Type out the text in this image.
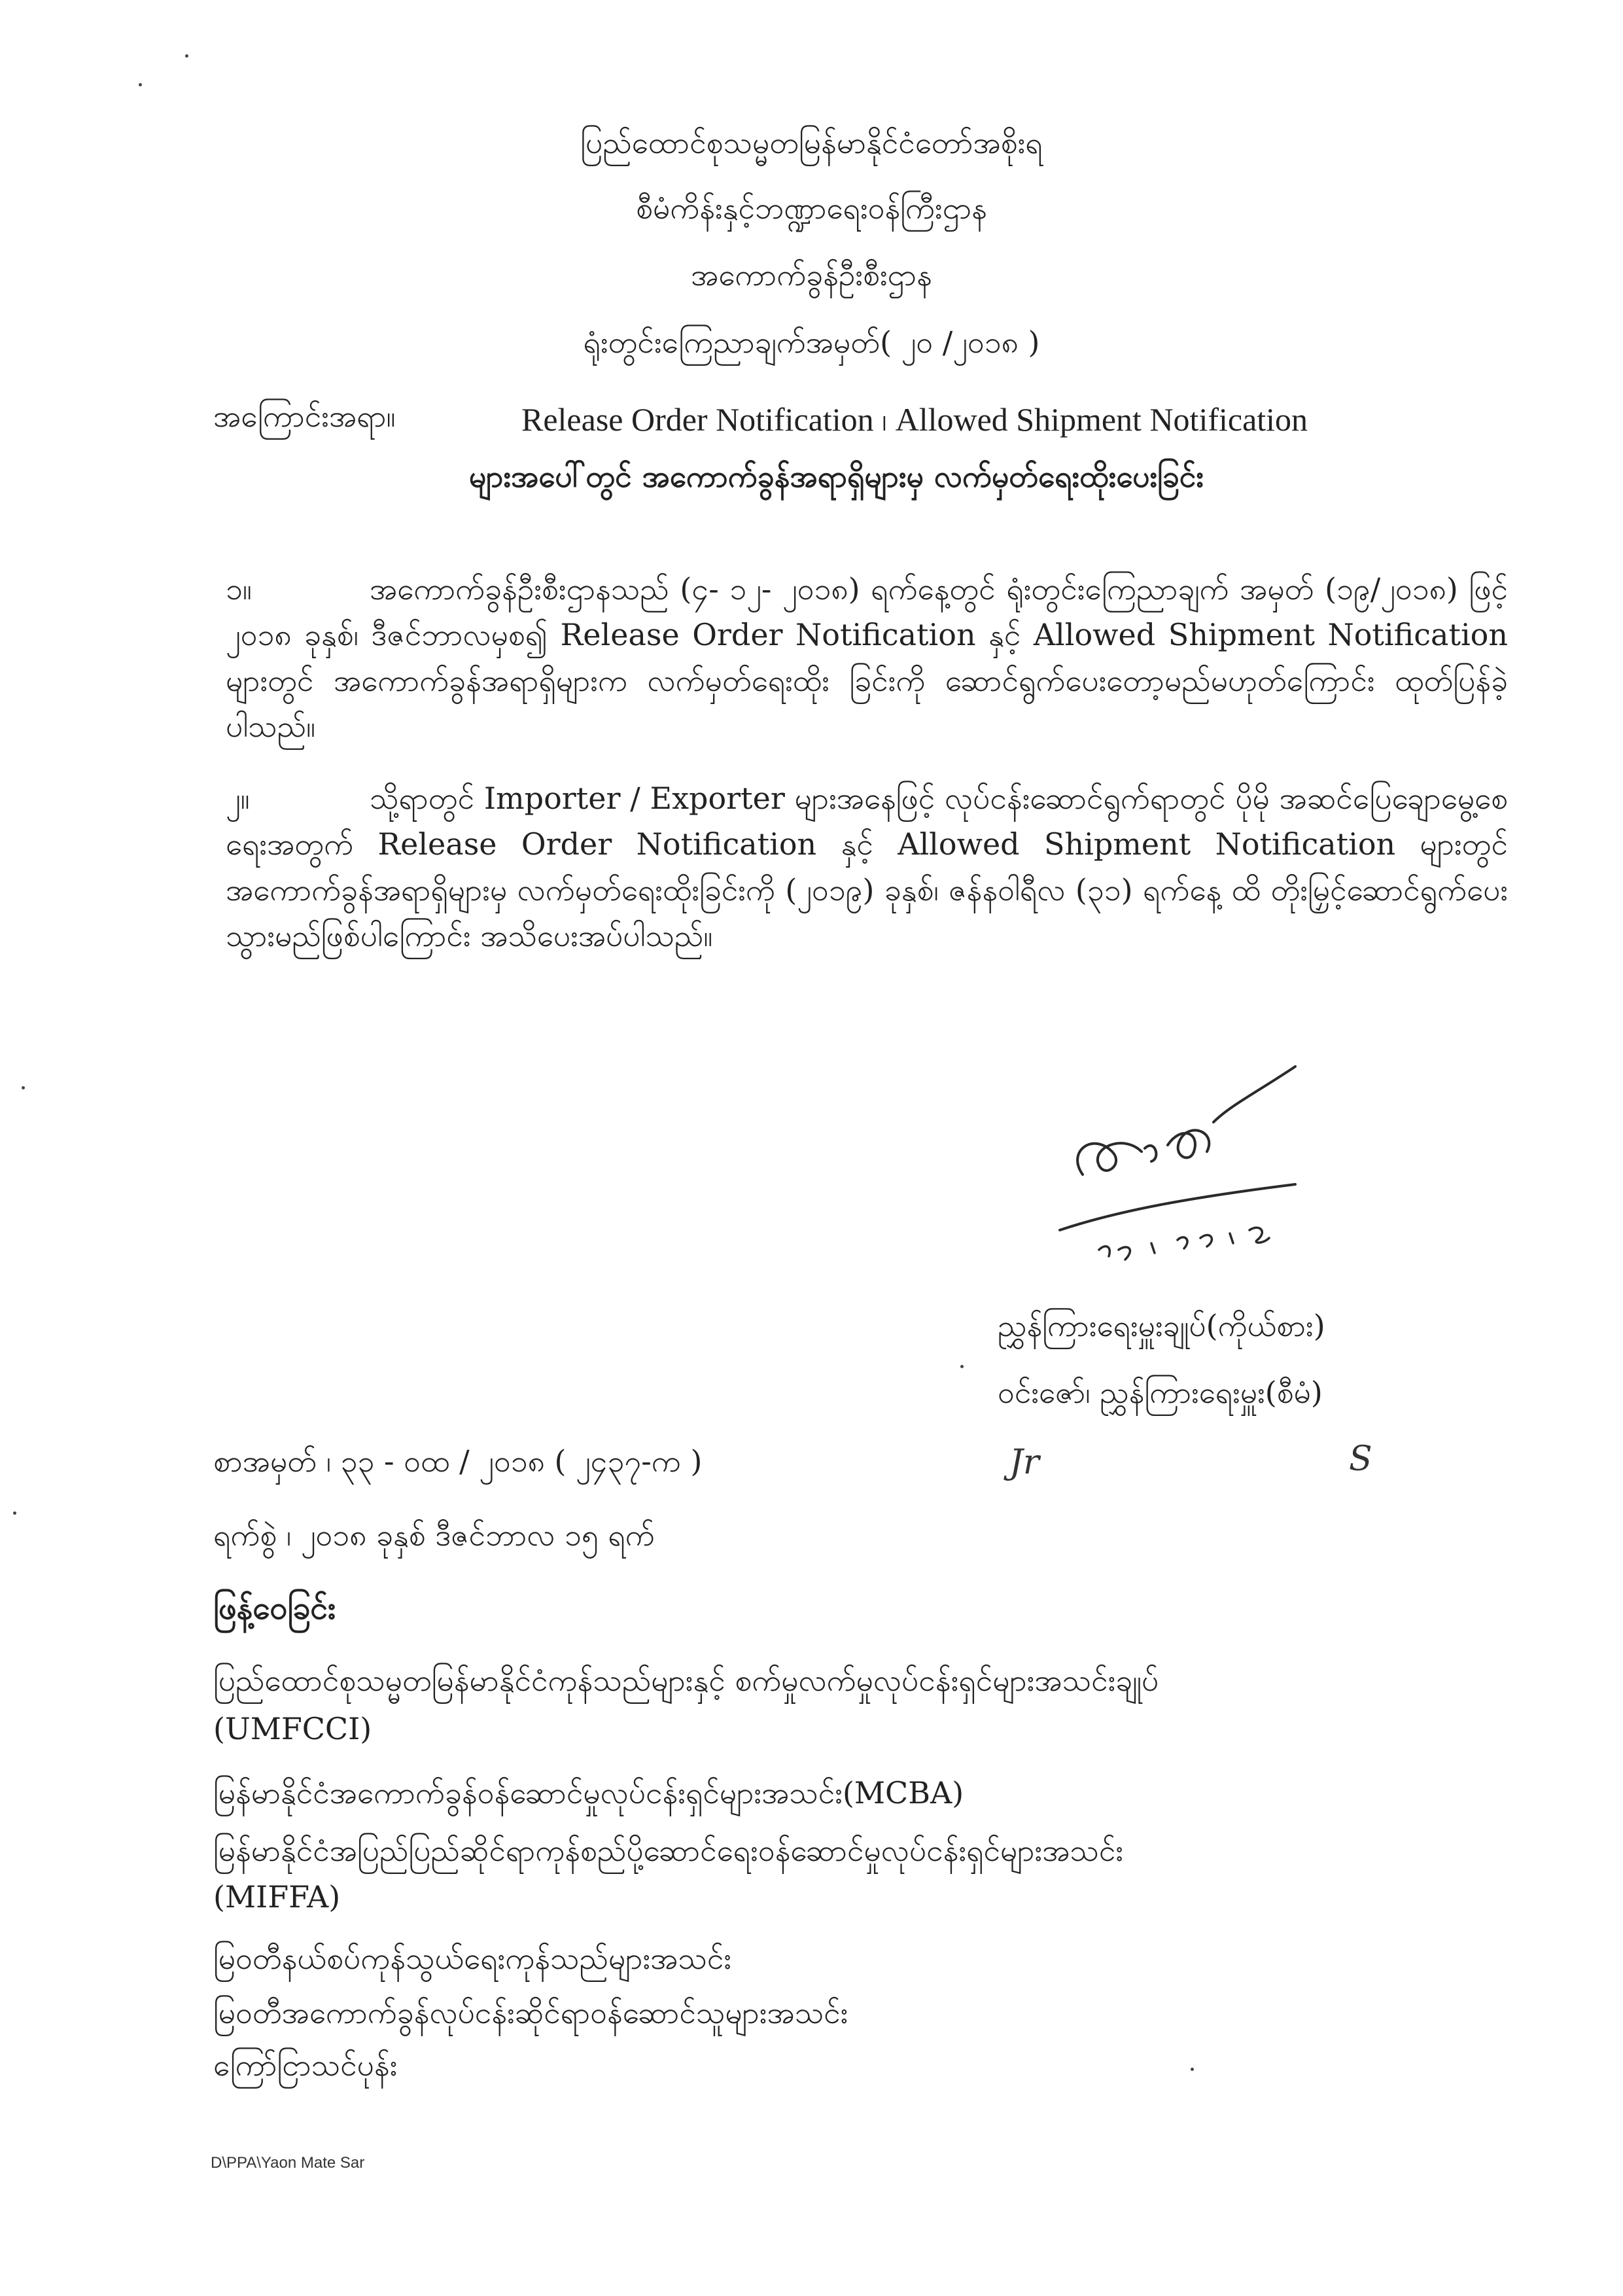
ပြည်ထောင်စုသမ္မတမြန်မာနိုင်ငံတော်အစိုးရ
စီမံကိန်းနှင့်ဘဏ္ဍာရေးဝန်ကြီးဌာန
အကောက်ခွန်ဦးစီးဌာန
ရုံးတွင်းကြေညာချက်အမှတ်( ၂၀ /၂၀၁၈ )
အကြောင်းအရာ။	Release Order Notification ၊ Allowed Shipment Notification
များအပေါ်တွင် အကောက်ခွန်အရာရှိများမှ လက်မှတ်ရေးထိုးပေးခြင်း
၁။	အကောက်ခွန်ဦးစီးဌာနသည် (၄- ၁၂- ၂၀၁၈) ရက်နေ့တွင် ရုံးတွင်းကြေညာချက် အမှတ် (၁၉/၂၀၁၈) ဖြင့် ၂၀၁၈ ခုနှစ်၊ ဒီဇင်ဘာလမှစ၍ Release Order Notification နှင့် Allowed Shipment Notification များတွင် အကောက်ခွန်အရာရှိများက လက်မှတ်ရေးထိုး ခြင်းကို ဆောင်ရွက်ပေးတော့မည်မဟုတ်ကြောင်း ထုတ်ပြန်ခဲ့ပါသည်။
၂။	သို့ရာတွင် Importer / Exporter များအနေဖြင့် လုပ်ငန်းဆောင်ရွက်ရာတွင် ပိုမို အဆင်ပြေချောမွေ့စေရေးအတွက် Release Order Notification နှင့် Allowed Shipment Notification များတွင် အကောက်ခွန်အရာရှိများမှ လက်မှတ်ရေးထိုးခြင်းကို (၂၀၁၉) ခုနှစ်၊ ဇန်နဝါရီလ (၃၁) ရက်နေ့ ထိ တိုးမြှင့်ဆောင်ရွက်ပေးသွားမည်ဖြစ်ပါကြောင်း အသိပေးအပ်ပါသည်။
ညွှန်ကြားရေးမှူးချုပ်(ကိုယ်စား)
ဝင်းဇော်၊ ညွှန်ကြားရေးမှူး(စီမံ)
စာအမှတ် ၊ ၃၃ - ၀ထ / ၂၀၁၈ ( ၂၄၃၇-က )	Jr	S
ရက်စွဲ ၊ ၂၀၁၈ ခုနှစ် ဒီဇင်ဘာလ ၁၅ ရက်
ဖြန့်ဝေခြင်း
ပြည်ထောင်စုသမ္မတမြန်မာနိုင်ငံကုန်သည်များနှင့် စက်မှုလက်မှုလုပ်ငန်းရှင်များအသင်းချုပ်
(UMFCCI)
မြန်မာနိုင်ငံအကောက်ခွန်ဝန်ဆောင်မှုလုပ်ငန်းရှင်များအသင်း(MCBA)
မြန်မာနိုင်ငံအပြည်ပြည်ဆိုင်ရာကုန်စည်ပို့ဆောင်ရေးဝန်ဆောင်မှုလုပ်ငန်းရှင်များအသင်း
(MIFFA)
မြဝတီနယ်စပ်ကုန်သွယ်ရေးကုန်သည်များအသင်း
မြဝတီအကောက်ခွန်လုပ်ငန်းဆိုင်ရာဝန်ဆောင်သူများအသင်း
ကြော်ငြာသင်ပုန်း
D\PPA\Yaon Mate Sar
